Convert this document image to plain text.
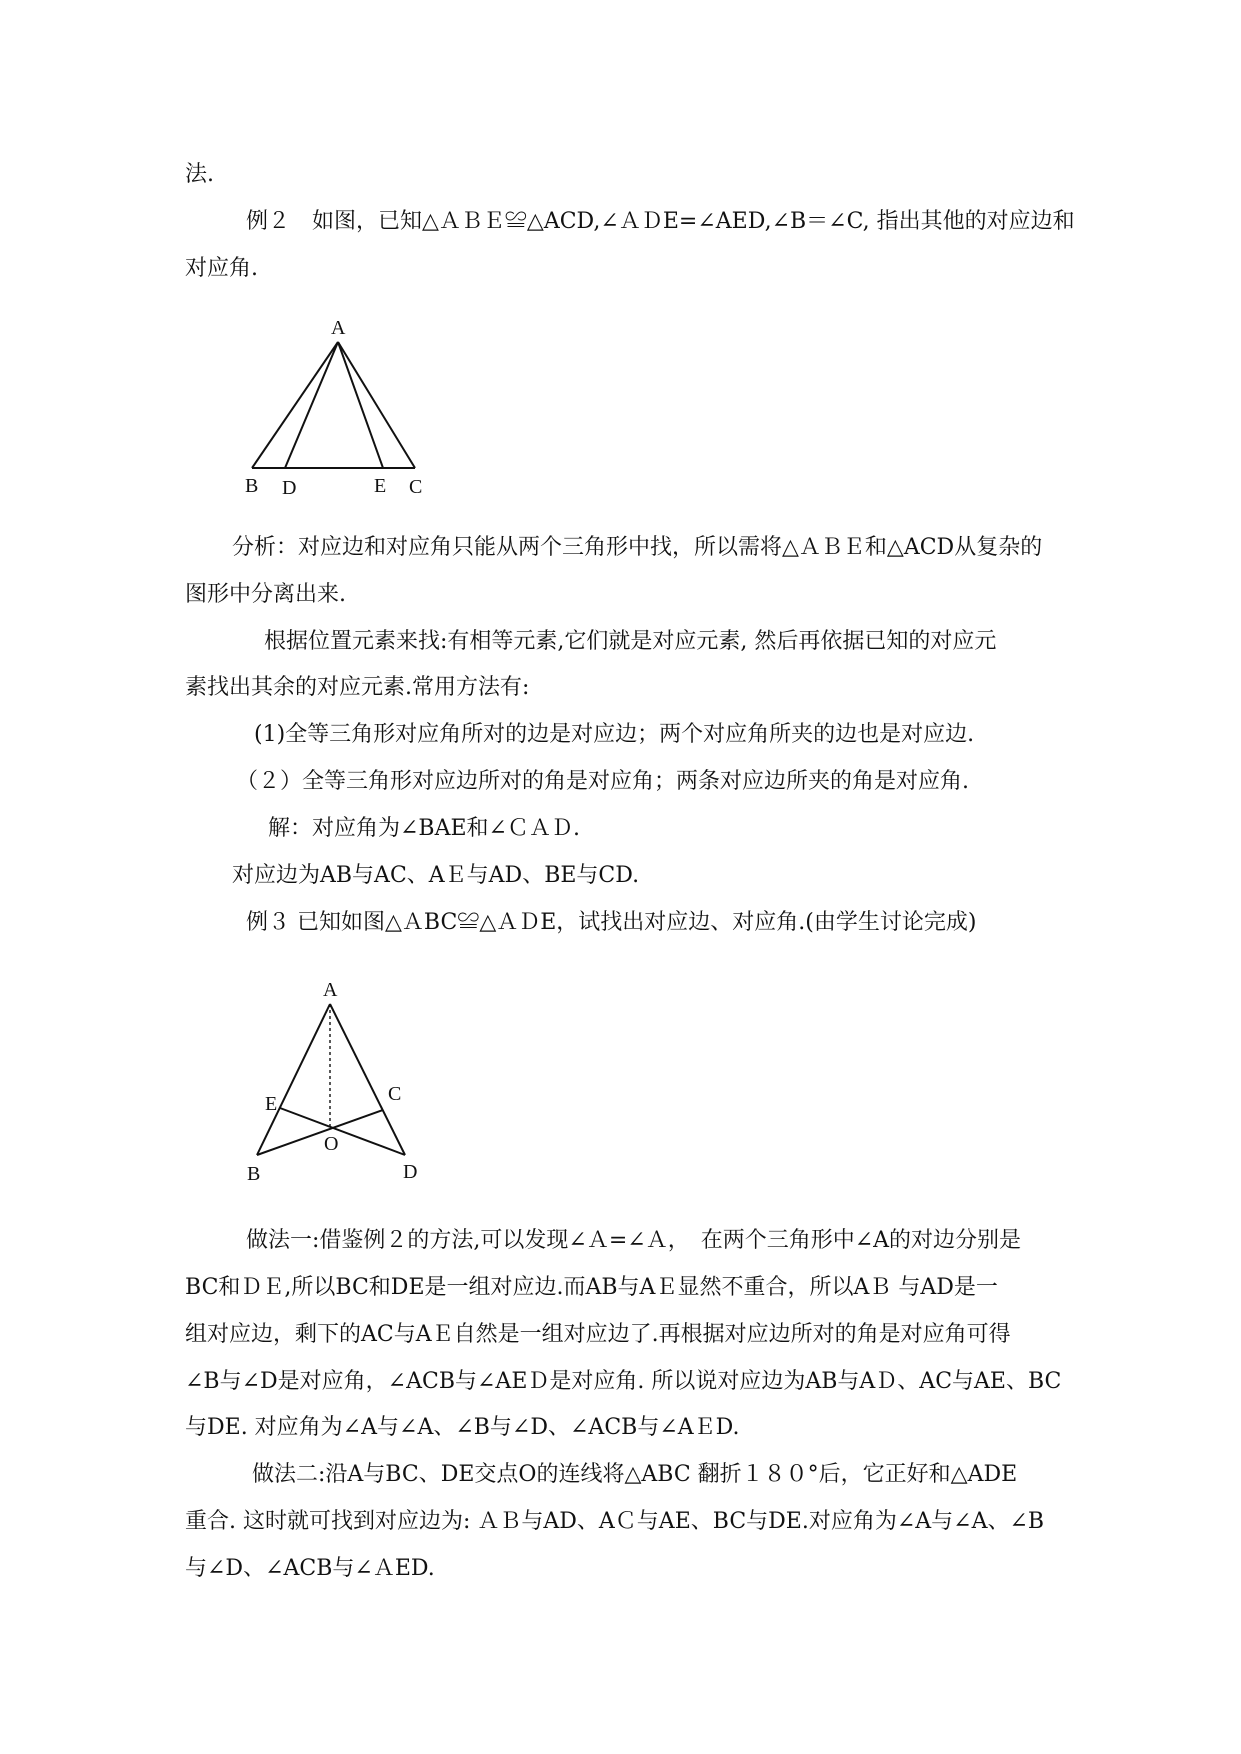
法.
例２　如图，已知△ＡＢＥ≌△ACD,∠ＡＤE=∠AED,∠B＝∠C, 指出其他的对应边和
对应角.
A
B D	E C
分析：对应边和对应角只能从两个三角形中找，所以需将△ＡＢＥ和△ACD从复杂的
图形中分离出来.
根据位置元素来找:有相等元素,它们就是对应元素, 然后再依据已知的对应元
素找出其余的对应元素.常用方法有:
(1)全等三角形对应角所对的边是对应边；两个对应角所夹的边也是对应边.
（２）全等三角形对应边所对的角是对应角；两条对应边所夹的角是对应角.
解：对应角为∠BAE和∠ＣＡＤ.
对应边为AB与AC、AＥ与AD、BE与CD.
例３ 已知如图△ＡBC≌△ＡＤE，试找出对应边、对应角.(由学生讨论完成)
A
E	C
O
B	D
做法一:借鉴例２的方法,可以发现∠Ａ=∠Ａ，　在两个三角形中∠A的对边分别是
BC和ＤＥ,所以BC和DE是一组对应边.而AB与AＥ显然不重合，所以AＢ 与AD是一
组对应边，剩下的AC与AＥ自然是一组对应边了.再根据对应边所对的角是对应角可得
∠B与∠D是对应角，∠ACB与∠AEＤ是对应角. 所以说对应边为AB与AＤ、AC与AE、BC
与DE. 对应角为∠A与∠A、∠B与∠D、∠ACB与∠AＥD.
做法二:沿A与BC、DE交点O的连线将△ABC 翻折１８０°后，它正好和△ADE
重合. 这时就可找到对应边为: ＡＢ与AD、AＣ与AE、BC与DE.对应角为∠A与∠A、∠B
与∠D、∠ACB与∠ＡED.
